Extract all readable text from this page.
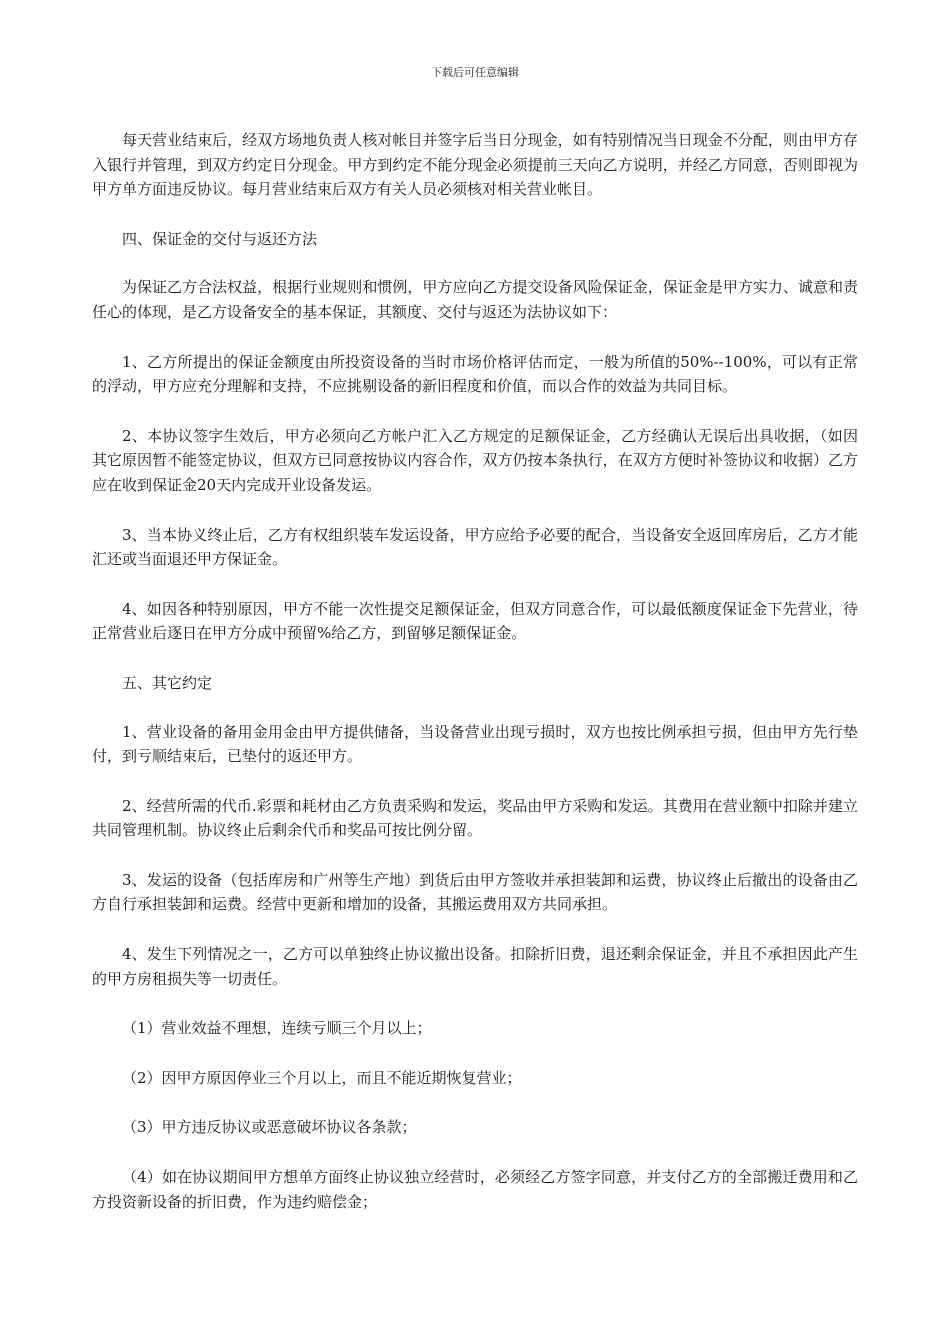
下载后可任意编辑

每天营业结束后，经双方场地负责人核对帐目并签字后当日分现金，如有特别情况当日现金不分配，则由甲方存入银行并管理，到双方约定日分现金。甲方到约定不能分现金必须提前三天向乙方说明，并经乙方同意，否则即视为甲方单方面违反协议。每月营业结束后双方有关人员必须核对相关营业帐目。

四、保证金的交付与返还方法

为保证乙方合法权益，根据行业规则和惯例，甲方应向乙方提交设备风险保证金，保证金是甲方实力、诚意和责任心的体现，是乙方设备安全的基本保证，其额度、交付与返还为法协议如下：

1、乙方所提出的保证金额度由所投资设备的当时市场价格评估而定，一般为所值的50%--100%，可以有正常的浮动，甲方应充分理解和支持，不应挑剔设备的新旧程度和价值，而以合作的效益为共同目标。

2、本协议签字生效后，甲方必须向乙方帐户汇入乙方规定的足额保证金，乙方经确认无误后出具收据，（如因其它原因暂不能签定协议，但双方已同意按协议内容合作，双方仍按本条执行，在双方方便时补签协议和收据）乙方应在收到保证金20天内完成开业设备发运。

3、当本协义终止后，乙方有权组织装车发运设备，甲方应给予必要的配合，当设备安全返回库房后，乙方才能汇还或当面退还甲方保证金。

4、如因各种特别原因，甲方不能一次性提交足额保证金，但双方同意合作，可以最低额度保证金下先营业，待正常营业后逐日在甲方分成中预留%给乙方，到留够足额保证金。

五、其它约定

1、营业设备的备用金用金由甲方提供储备，当设备营业出现亏损时，双方也按比例承担亏损，但由甲方先行垫付，到亏顺结束后，已垫付的返还甲方。

2、经营所需的代币.彩票和耗材由乙方负责采购和发运，奖品由甲方采购和发运。其费用在营业额中扣除并建立共同管理机制。协议终止后剩余代币和奖品可按比例分留。

3、发运的设备（包括库房和广州等生产地）到货后由甲方签收并承担装卸和运费，协议终止后撤出的设备由乙方自行承担装卸和运费。经营中更新和增加的设备，其搬运费用双方共同承担。

4、发生下列情况之一，乙方可以单独终止协议撤出设备。扣除折旧费，退还剩余保证金，并且不承担因此产生的甲方房租损失等一切责任。

（1）营业效益不理想，连续亏顺三个月以上；

（2）因甲方原因停业三个月以上，而且不能近期恢复营业；

（3）甲方违反协议或恶意破坏协议各条款；

（4）如在协议期间甲方想单方面终止协议独立经营时，必须经乙方签字同意，并支付乙方的全部搬迁费用和乙方投资新设备的折旧费，作为违约赔偿金；
